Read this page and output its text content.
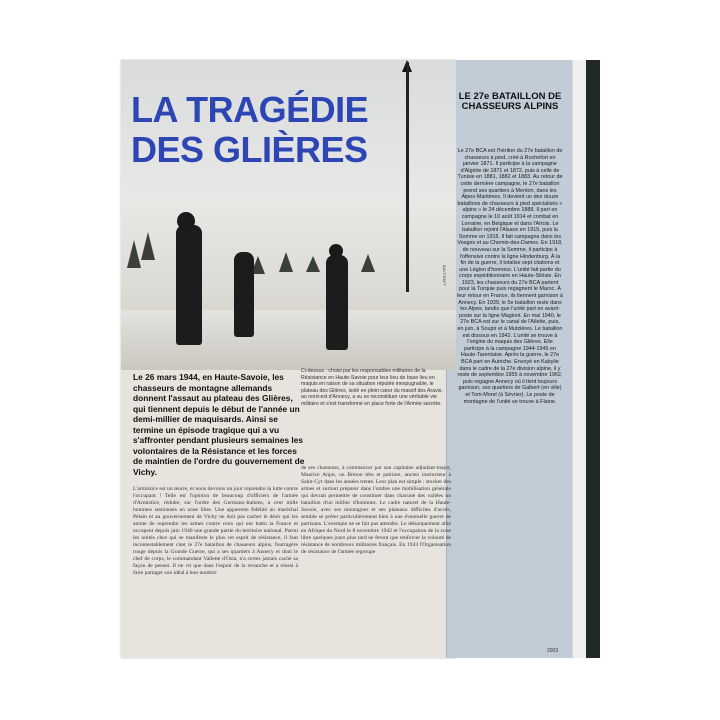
BAVCRAFT
LA TRAGÉDIE
DES GLIÈRES
Le 26 mars 1944, en Haute-Savoie, les chasseurs de montagne allemands donnent l'assaut au plateau des Glières, qui tiennent depuis le début de l'année un demi-millier de maquisards. Ainsi se termine un épisode tragique qui a vu s'affronter pendant plusieurs semaines les volontaires de la Résistance et les forces de maintien de l'ordre du gouvernement de Vichy.
Ci-dessus : choisi par les responsables militaires de la Résistance en Haute-Savoie pour leur lieu de base lieu en maquis en raison de sa situation réputée inexpugnable, le plateau des Glières, isolé en plein cœur du massif des Aravis, au nord-est d'Annecy, a vu se reconstituer une véritable vie militaire et s'est transformé en place forte de l'Armée secrète.
L'armistice est un leurre, et nous devrons un jour reprendre la lutte contre l'occupant ! Telle est l'opinion de beaucoup d'officiers de l'armée d'Armistice, réduite, sur l'ordre des Germano-Italiens, à cent mille hommes stationnés en zone libre. Une apparente fidélité au maréchal Pétain et au gouvernement de Vichy ne doit pas cacher le désir qui les anime de reprendre les armes contre ceux qui ont battu la France et occupent depuis juin 1940 une grande partie du territoire national. Parmi les unités chez qui se manifeste le plus cet esprit de résistance, il faut incontestablement citer le 27e bataillon de chasseurs alpins, fourragère rouge depuis la Grande Guerre, qui a ses quartiers à Annecy et dont le chef de corps, le commandant Vallette d'Osia, n'a certes jamais caché sa façon de penser. Il ne vit que dans l'espoir de la revanche et a réussi à faire partager son idéal à bon nombre
de ses chasseurs, à commencer par son capitaine adjudant-major, Maurice Anjot, un Breton têtu et patriote, ancien instructeur à Saint-Cyr dans les années trente. Leur plan est simple : stocker des armes et surtout préparer dans l'ombre une mobilisation générale qui devrait permettre de constituer dans chacune des vallées un bataillon d'un millier d'hommes. Le cadre naturel de la Haute-Savoie, avec ses montagnes et ses plateaux difficiles d'accès, semble se prêter particulièrement bien à une éventuelle guerre de partisans. L'exemple ne se fait pas attendre. Le débarquement allié en Afrique du Nord le 8 novembre 1942 et l'occupation de la zone libre quelques jours plus tard ne feront que renforcer la volonté de résistance de nombreux militaires français. En 1943 l'Organisation de résistance de l'armée regroupe
LE 27e BATAILLON DE CHASSEURS ALPINS
Le 27e BCA est l'héritier du 27e bataillon de chasseurs à pied, créé à Rochefort en janvier 1871. Il participe à la campagne d'Algérie de 1871 et 1872, puis à celle de Tunisie en 1881, 1882 et 1883. Au retour de cette dernière campagne, le 27e bataillon prend ses quartiers à Menton, dans les Alpes-Maritimes. Il devient un des douze bataillons de chasseurs à pied spécialisés « alpins » le 24 décembre 1888. Il part en campagne le 10 août 1914 et combat en Lorraine, en Belgique et dans l'Artois. Le bataillon rejoint l'Alsace en 1915, puis la Somme en 1916. Il fait campagne dans les Vosges et au Chemin-des-Dames. En 1918, de nouveau sur la Somme, il participe à l'offensive contre la ligne Hindenburg. À la fin de la guerre, il totalise sept citations et une Légion d'honneur. L'unité fait partie du corps expéditionnaire en Haute-Silésie. En 1923, les chasseurs du 27e BCA partent pour la Turquie puis regagnent le Maroc. À leur retour en France, ils tiennent garnison à Annecy. En 1939, le 5e bataillon reste dans les Alpes, tandis que l'unité part en avant-poste sur la ligne Maginot. En mai 1940, le 27e BCA est sur le canal de l'Ailette, puis, en juin, à Soupir et à Mutzières. Le bataillon est dissous en 1942. L'unité se trouve à l'origine du maquis des Glières. Elle participe à la campagne 1944-1945 en Haute-Tarentaise. Après la guerre, le 27e BCA part en Autriche. Envoyé en Kabylie dans le cadre de la 27e division alpine, il y reste de septembre 1955 à novembre 1962, puis regagne Annecy où il tient toujours garnison, ses quartiers de Galbert (en ville) et Tom-Morel (à Sévrier). Le poste de montagne de l'unité se trouve à Flaine.
2003
